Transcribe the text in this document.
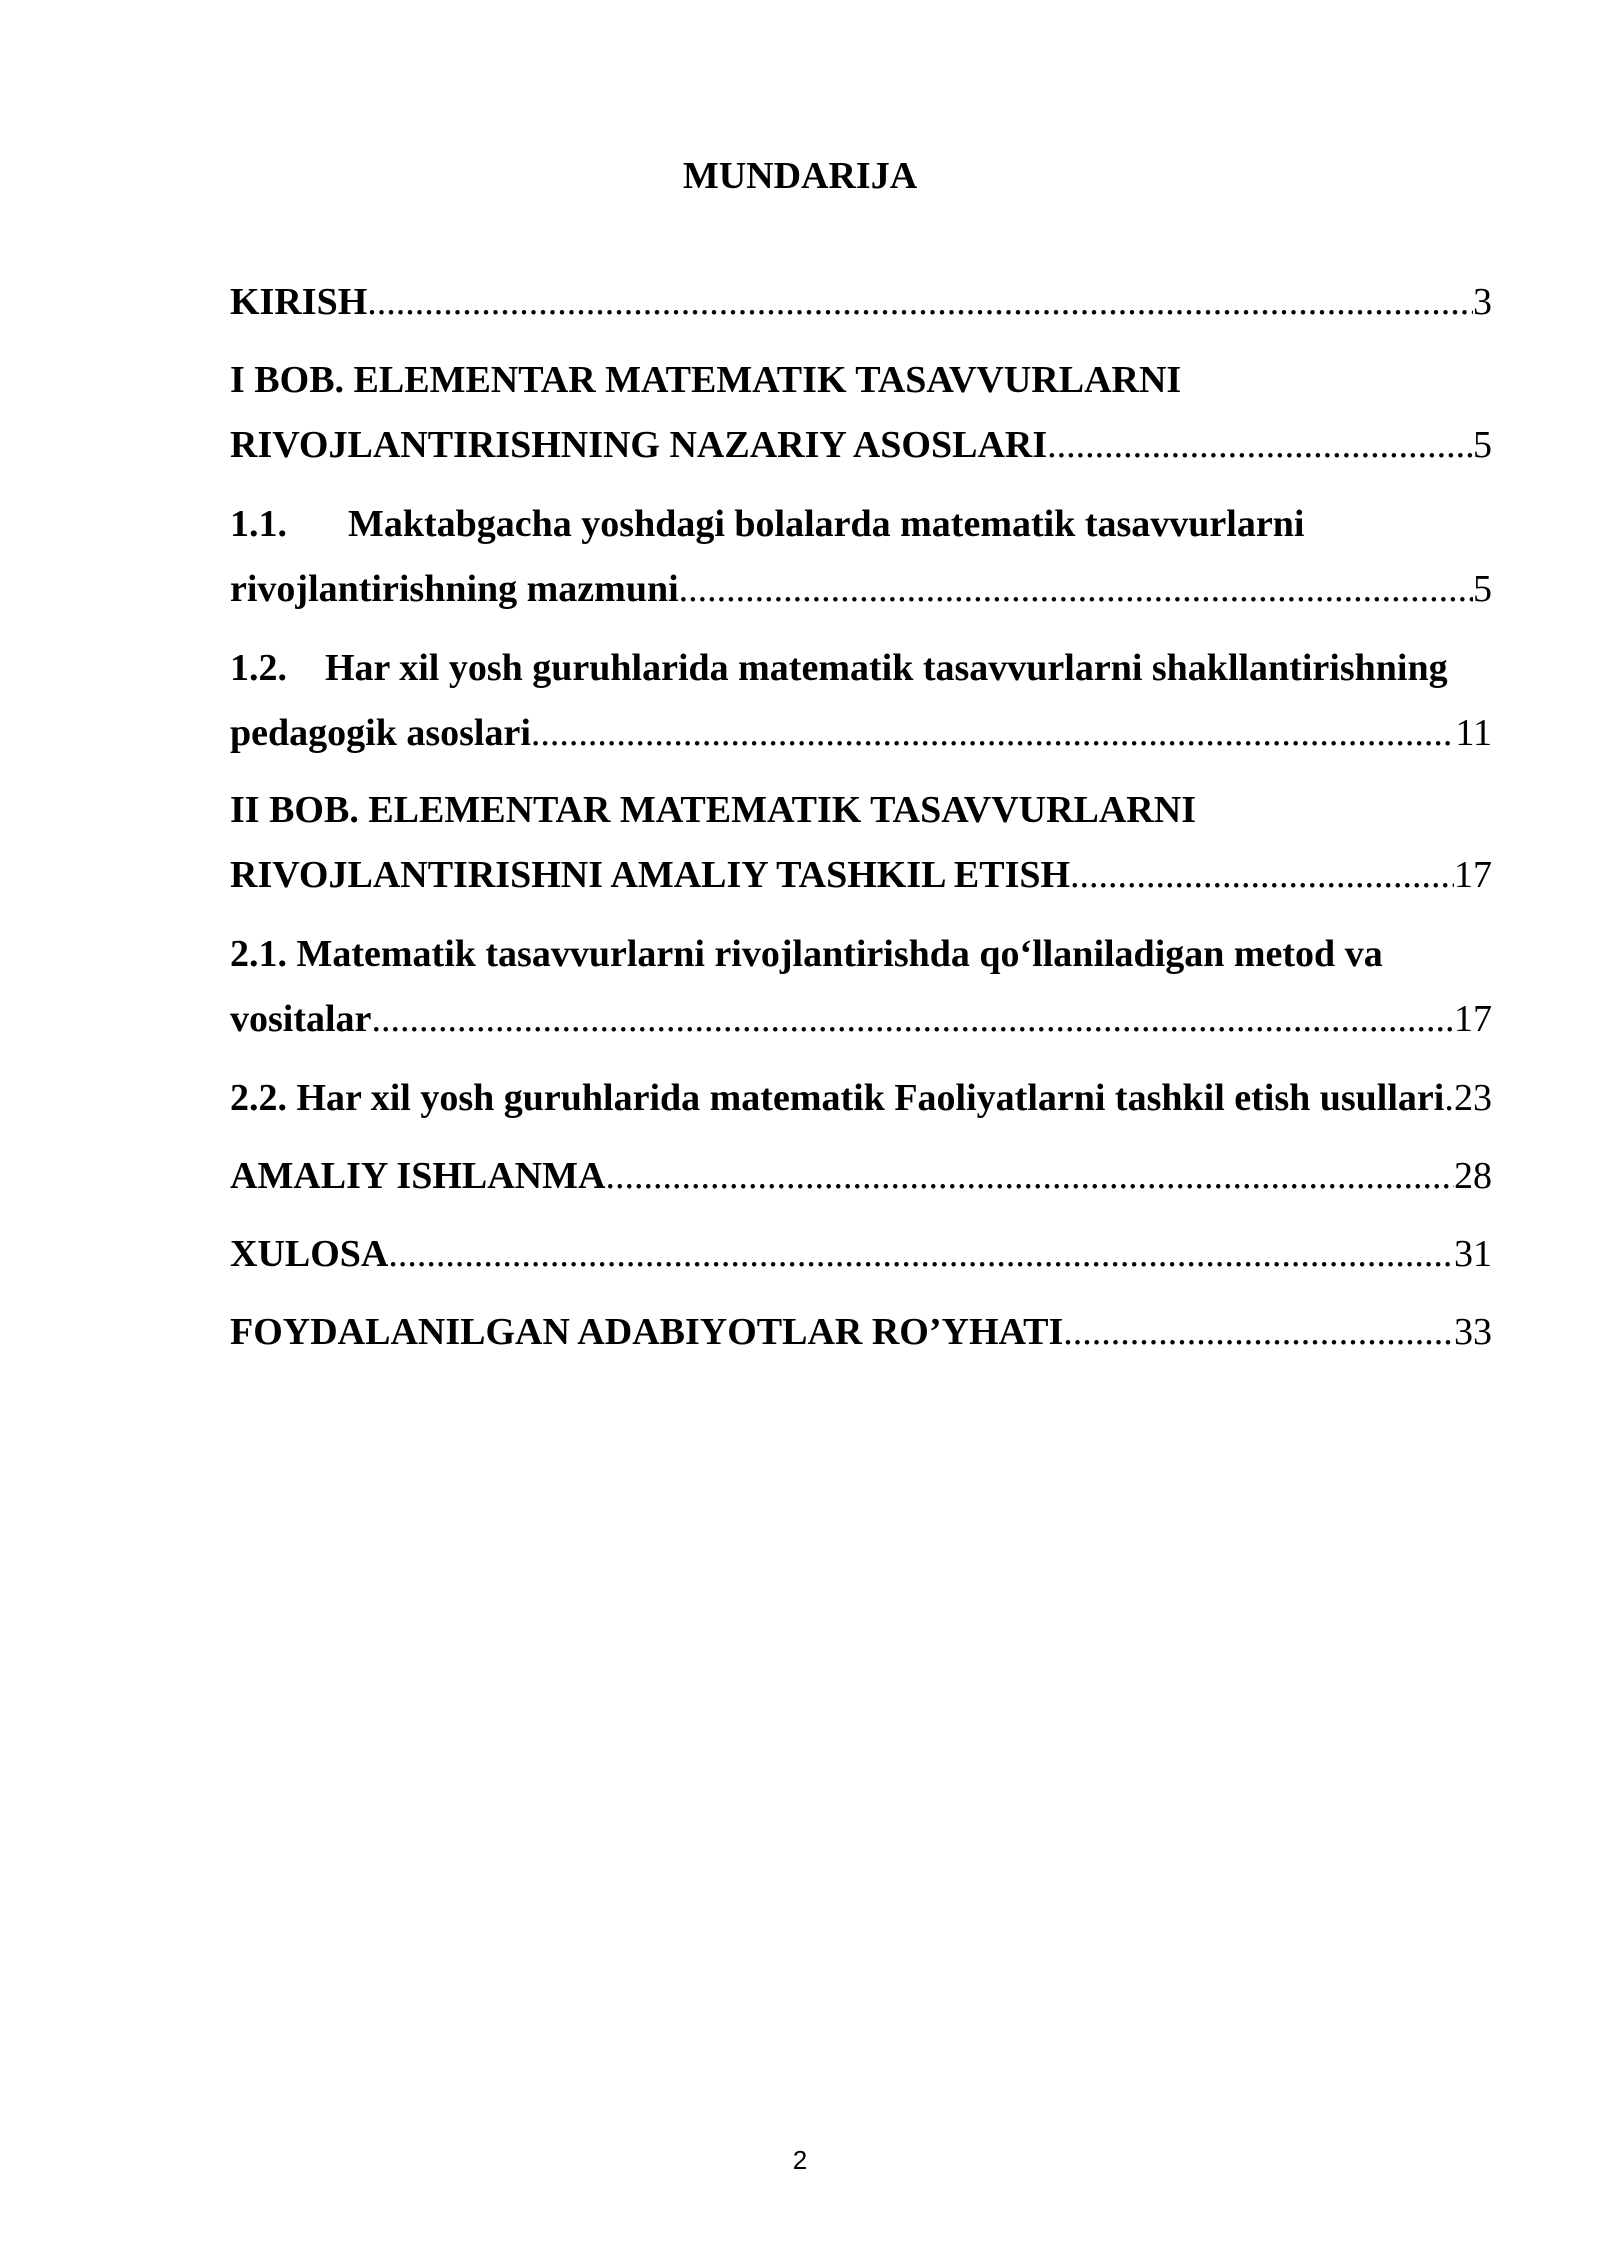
MUNDARIJA
KIRISH .....	3
I BOB. ELEMENTAR MATEMATIK TASAVVURLARNI
RIVOJLANTIRISHNING NAZARIY ASOSLARI .....	5
1.1.	Maktabgacha yoshdagi bolalarda matematik tasavvurlarni
rivojlantirishning mazmuni .....	5
1.2.    Har xil yosh guruhlarida matematik tasavvurlarni shakllantirishning
pedagogik asoslari .....	11
II BOB. ELEMENTAR MATEMATIK TASAVVURLARNI
RIVOJLANTIRISHNI AMALIY TASHKIL ETISH .....	17
2.1. Matematik tasavvurlarni rivojlantirishda qo‘llaniladigan metod va
vositalar .....	17
2.2. Har xil yosh guruhlarida matematik Faoliyatlarni tashkil etish usullari ..... 23
AMALIY ISHLANMA .....	28
XULOSA .....	31
FOYDALANILGAN ADABIYOTLAR RO’YHATI .....	33
2
